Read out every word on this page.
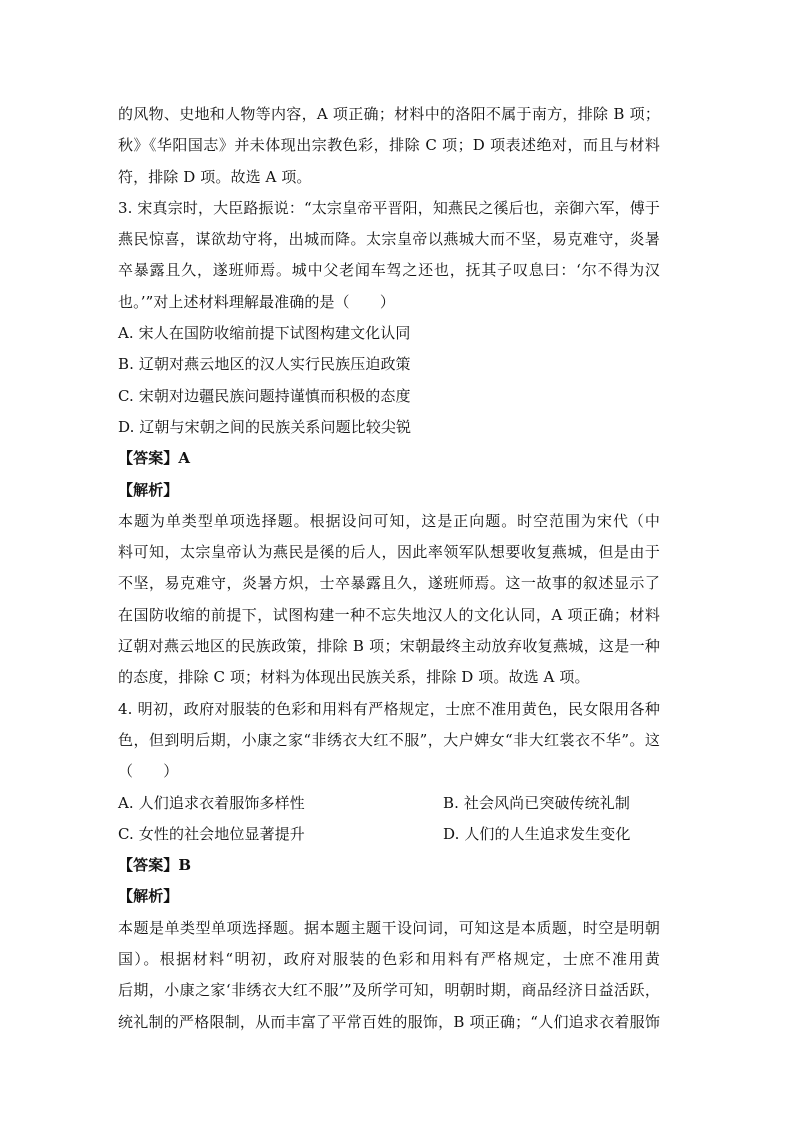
的风物、史地和人物等内容，A 项正确；材料中的洛阳不属于南方，排除 B 项；
秋》《华阳国志》并未体现出宗教色彩，排除 C 项；D 项表述绝对，而且与材料
符，排除 D 项。故选 A 项。
3. 宋真宗时，大臣路振说：“太宗皇帝平晋阳，知燕民之徯后也，亲御六军，傅于
燕民惊喜，谋欲劫守将，出城而降。太宗皇帝以燕城大而不坚，易克难守，炎暑
卒暴露且久，遂班师焉。城中父老闻车驾之还也，抚其子叹息曰：‘尔不得为汉
也。’”对上述材料理解最准确的是（　　）
A. 宋人在国防收缩前提下试图构建文化认同
B. 辽朝对燕云地区的汉人实行民族压迫政策
C. 宋朝对边疆民族问题持谨慎而积极的态度
D. 辽朝与宋朝之间的民族关系问题比较尖锐
【答案】A
【解析】
本题为单类型单项选择题。根据设问可知，这是正向题。时空范围为宋代（中
料可知，太宗皇帝认为燕民是徯的后人，因此率领军队想要收复燕城，但是由于
不坚，易克难守，炎暑方炽，士卒暴露且久，遂班师焉。这一故事的叙述显示了
在国防收缩的前提下，试图构建一种不忘失地汉人的文化认同，A 项正确；材料
辽朝对燕云地区的民族政策，排除 B 项；宋朝最终主动放弃收复燕城，这是一种
的态度，排除 C 项；材料为体现出民族关系，排除 D 项。故选 A 项。
4. 明初，政府对服装的色彩和用料有严格规定，士庶不准用黄色，民女限用各种
色，但到明后期，小康之家“非绣衣大红不服”，大户婢女“非大红裳衣不华”。这
（　　）
A. 人们追求衣着服饰多样性	B. 社会风尚已突破传统礼制
C. 女性的社会地位显著提升	D. 人们的人生追求发生变化
【答案】B
【解析】
本题是单类型单项选择题。据本题主题干设问词，可知这是本质题，时空是明朝
国）。根据材料“明初，政府对服装的色彩和用料有严格规定，士庶不准用黄
后期，小康之家‘非绣衣大红不服’”及所学可知，明朝时期，商品经济日益活跃，
统礼制的严格限制，从而丰富了平常百姓的服饰，B 项正确；“人们追求衣着服饰
